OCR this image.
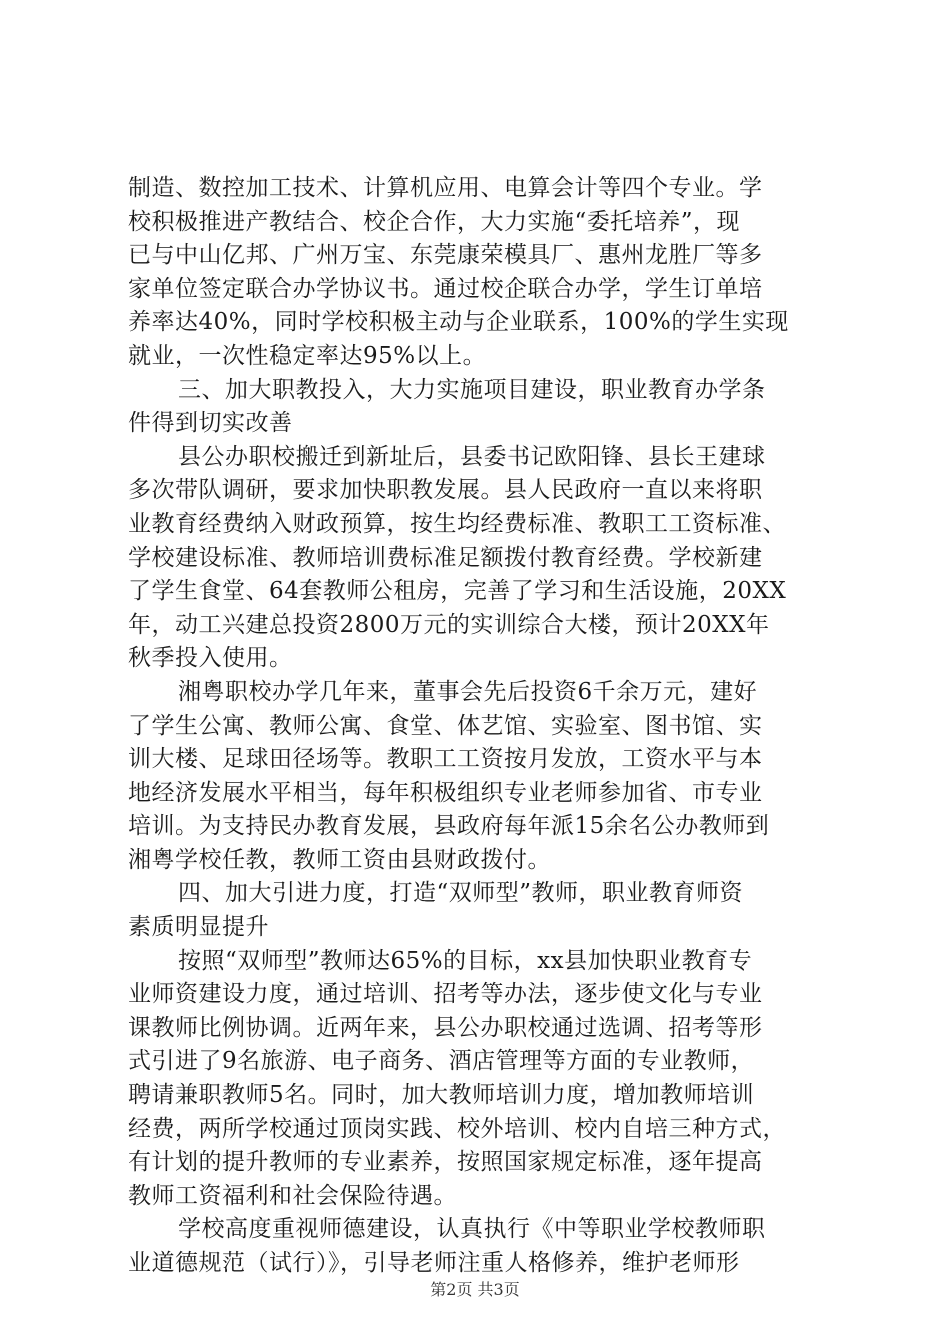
制造、数控加工技术、计算机应用、电算会计等四个专业。学
校积极推进产教结合、校企合作，大力实施“委托培养”，现
已与中山亿邦、广州万宝、东莞康荣模具厂、惠州龙胜厂等多
家单位签定联合办学协议书。通过校企联合办学，学生订单培
养率达40%，同时学校积极主动与企业联系，100%的学生实现
就业，一次性稳定率达95%以上。
三、加大职教投入，大力实施项目建设，职业教育办学条
件得到切实改善
县公办职校搬迁到新址后，县委书记欧阳锋、县长王建球
多次带队调研，要求加快职教发展。县人民政府一直以来将职
业教育经费纳入财政预算，按生均经费标准、教职工工资标准、
学校建设标准、教师培训费标准足额拨付教育经费。学校新建
了学生食堂、64套教师公租房，完善了学习和生活设施，20XX
年，动工兴建总投资2800万元的实训综合大楼，预计20XX年
秋季投入使用。
湘粤职校办学几年来，董事会先后投资6千余万元，建好
了学生公寓、教师公寓、食堂、体艺馆、实验室、图书馆、实
训大楼、足球田径场等。教职工工资按月发放，工资水平与本
地经济发展水平相当，每年积极组织专业老师参加省、市专业
培训。为支持民办教育发展，县政府每年派15余名公办教师到
湘粤学校任教，教师工资由县财政拨付。
四、加大引进力度，打造“双师型”教师，职业教育师资
素质明显提升
按照“双师型”教师达65%的目标，xx县加快职业教育专
业师资建设力度，通过培训、招考等办法，逐步使文化与专业
课教师比例协调。近两年来，县公办职校通过选调、招考等形
式引进了9名旅游、电子商务、酒店管理等方面的专业教师，
聘请兼职教师5名。同时，加大教师培训力度，增加教师培训
经费，两所学校通过顶岗实践、校外培训、校内自培三种方式，
有计划的提升教师的专业素养，按照国家规定标准，逐年提高
教师工资福利和社会保险待遇。
学校高度重视师德建设，认真执行《中等职业学校教师职
业道德规范（试行）》，引导老师注重人格修养，维护老师形
第2页 共3页
